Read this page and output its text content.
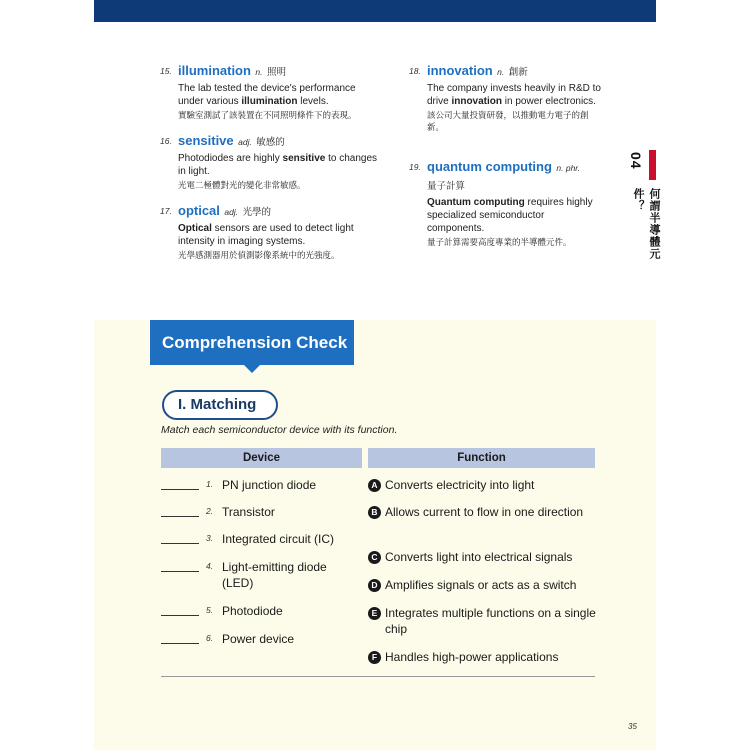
15. illumination n. 照明
The lab tested the device's performance under various illumination levels.
實驗室測試了該裝置在不同照明條件下的表現。
16. sensitive adj. 敏感的
Photodiodes are highly sensitive to changes in light.
光電二極體對光的變化非常敏感。
17. optical adj. 光學的
Optical sensors are used to detect light intensity in imaging systems.
光學感測器用於偵測影像系統中的光強度。
18. innovation n. 創新
The company invests heavily in R&D to drive innovation in power electronics.
該公司大量投資研發，以推動電力電子的創新。
19. quantum computing n. phr.
量子計算
Quantum computing requires highly specialized semiconductor components.
量子計算需要高度專業的半導體元件。
04
何謂半導體元件？
Comprehension Check
I. Matching
Match each semiconductor device with its function.
Device	Function
1. PN junction diode
2. Transistor
3. Integrated circuit (IC)
4. Light-emitting diode (LED)
5. Photodiode
6. Power device
A Converts electricity into light
B Allows current to flow in one direction
C Converts light into electrical signals
D Amplifies signals or acts as a switch
E Integrates multiple functions on a single chip
F Handles high-power applications
35
